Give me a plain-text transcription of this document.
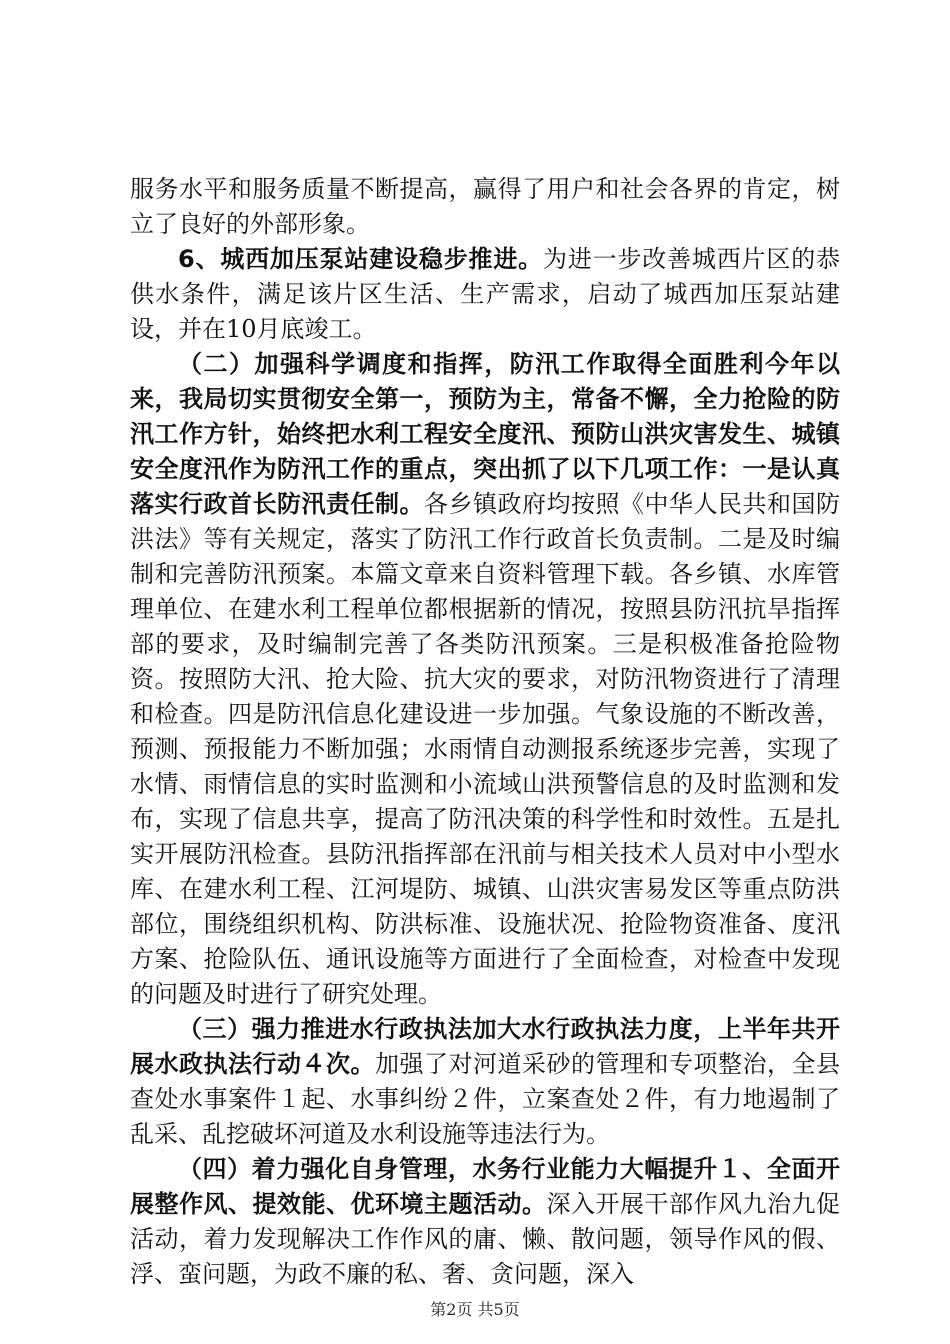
服务水平和服务质量不断提高，赢得了用户和社会各界的肯定，树立了良好的外部形象。

6、城西加压泵站建设稳步推进。为进一步改善城西片区的恭供水条件，满足该片区生活、生产需求，启动了城西加压泵站建设，并在10月底竣工。

（二）加强科学调度和指挥，防汛工作取得全面胜利今年以来，我局切实贯彻安全第一，预防为主，常备不懈，全力抢险的防汛工作方针，始终把水利工程安全度汛、预防山洪灾害发生、城镇安全度汛作为防汛工作的重点，突出抓了以下几项工作：一是认真落实行政首长防汛责任制。各乡镇政府均按照《中华人民共和国防洪法》等有关规定，落实了防汛工作行政首长负责制。二是及时编制和完善防汛预案。本篇文章来自资料管理下载。各乡镇、水库管理单位、在建水利工程单位都根据新的情况，按照县防汛抗旱指挥部的要求，及时编制完善了各类防汛预案。三是积极准备抢险物资。按照防大汛、抢大险、抗大灾的要求，对防汛物资进行了清理和检查。四是防汛信息化建设进一步加强。气象设施的不断改善，预测、预报能力不断加强；水雨情自动测报系统逐步完善，实现了水情、雨情信息的实时监测和小流域山洪预警信息的及时监测和发布，实现了信息共享，提高了防汛决策的科学性和时效性。五是扎实开展防汛检查。县防汛指挥部在汛前与相关技术人员对中小型水库、在建水利工程、江河堤防、城镇、山洪灾害易发区等重点防洪部位，围绕组织机构、防洪标准、设施状况、抢险物资准备、度汛方案、抢险队伍、通讯设施等方面进行了全面检查，对检查中发现的问题及时进行了研究处理。

（三）强力推进水行政执法加大水行政执法力度，上半年共开展水政执法行动４次。加强了对河道采砂的管理和专项整治，全县查处水事案件１起、水事纠纷２件，立案查处２件，有力地遏制了乱采、乱挖破坏河道及水利设施等违法行为。

（四）着力强化自身管理，水务行业能力大幅提升１、全面开展整作风、提效能、优环境主题活动。深入开展干部作风九治九促活动，着力发现解决工作作风的庸、懒、散问题，领导作风的假、浮、蛮问题，为政不廉的私、奢、贪问题，深入

第2页 共5页
